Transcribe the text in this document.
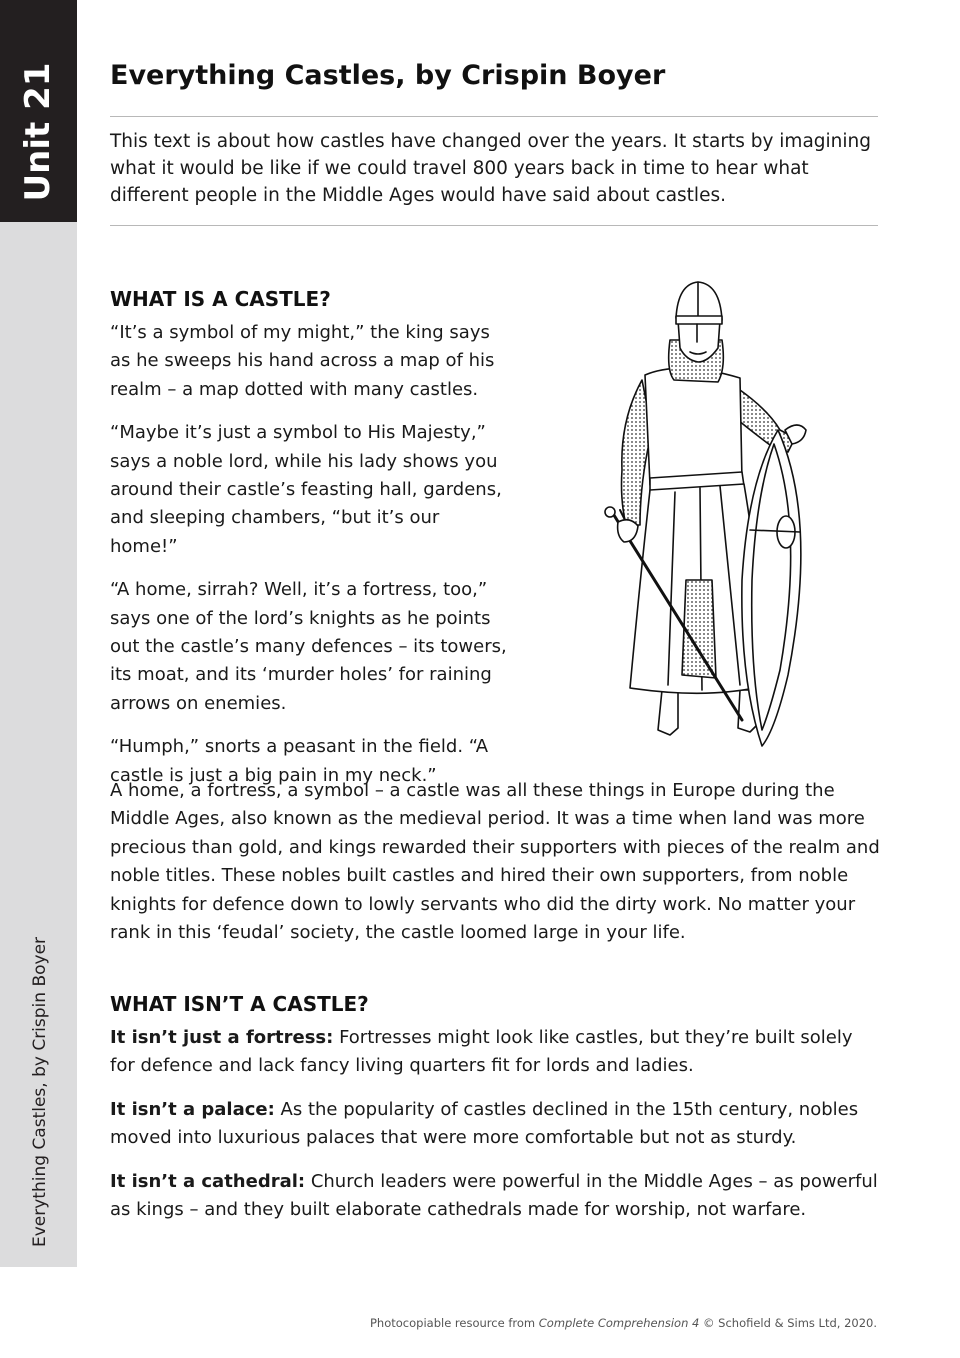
Unit 21
Everything Castles, by Crispin Boyer
Everything Castles, by Crispin Boyer

This text is about how castles have changed over the years. It starts by imagining what it would be like if we could travel 800 years back in time to hear what different people in the Middle Ages would have said about castles.

WHAT IS A CASTLE?

“It’s a symbol of my might,” the king says as he sweeps his hand across a map of his realm – a map dotted with many castles.

“Maybe it’s just a symbol to His Majesty,” says a noble lord, while his lady shows you around their castle’s feasting hall, gardens, and sleeping chambers, “but it’s our home!”

“A home, sirrah? Well, it’s a fortress, too,” says one of the lord’s knights as he points out the castle’s many defences – its towers, its moat, and its ‘murder holes’ for raining arrows on enemies.

“Humph,” snorts a peasant in the field. “A castle is just a big pain in my neck.”

A home, a fortress, a symbol – a castle was all these things in Europe during the Middle Ages, also known as the medieval period. It was a time when land was more precious than gold, and kings rewarded their supporters with pieces of the realm and noble titles. These nobles built castles and hired their own supporters, from noble knights for defence down to lowly servants who did the dirty work. No matter your rank in this ‘feudal’ society, the castle loomed large in your life.

WHAT ISN’T A CASTLE?

It isn’t just a fortress: Fortresses might look like castles, but they’re built solely for defence and lack fancy living quarters fit for lords and ladies.

It isn’t a palace: As the popularity of castles declined in the 15th century, nobles moved into luxurious palaces that were more comfortable but not as sturdy.

It isn’t a cathedral: Church leaders were powerful in the Middle Ages – as powerful as kings – and they built elaborate cathedrals made for worship, not warfare.

Photocopiable resource from Complete Comprehension 4 © Schofield & Sims Ltd, 2020.
